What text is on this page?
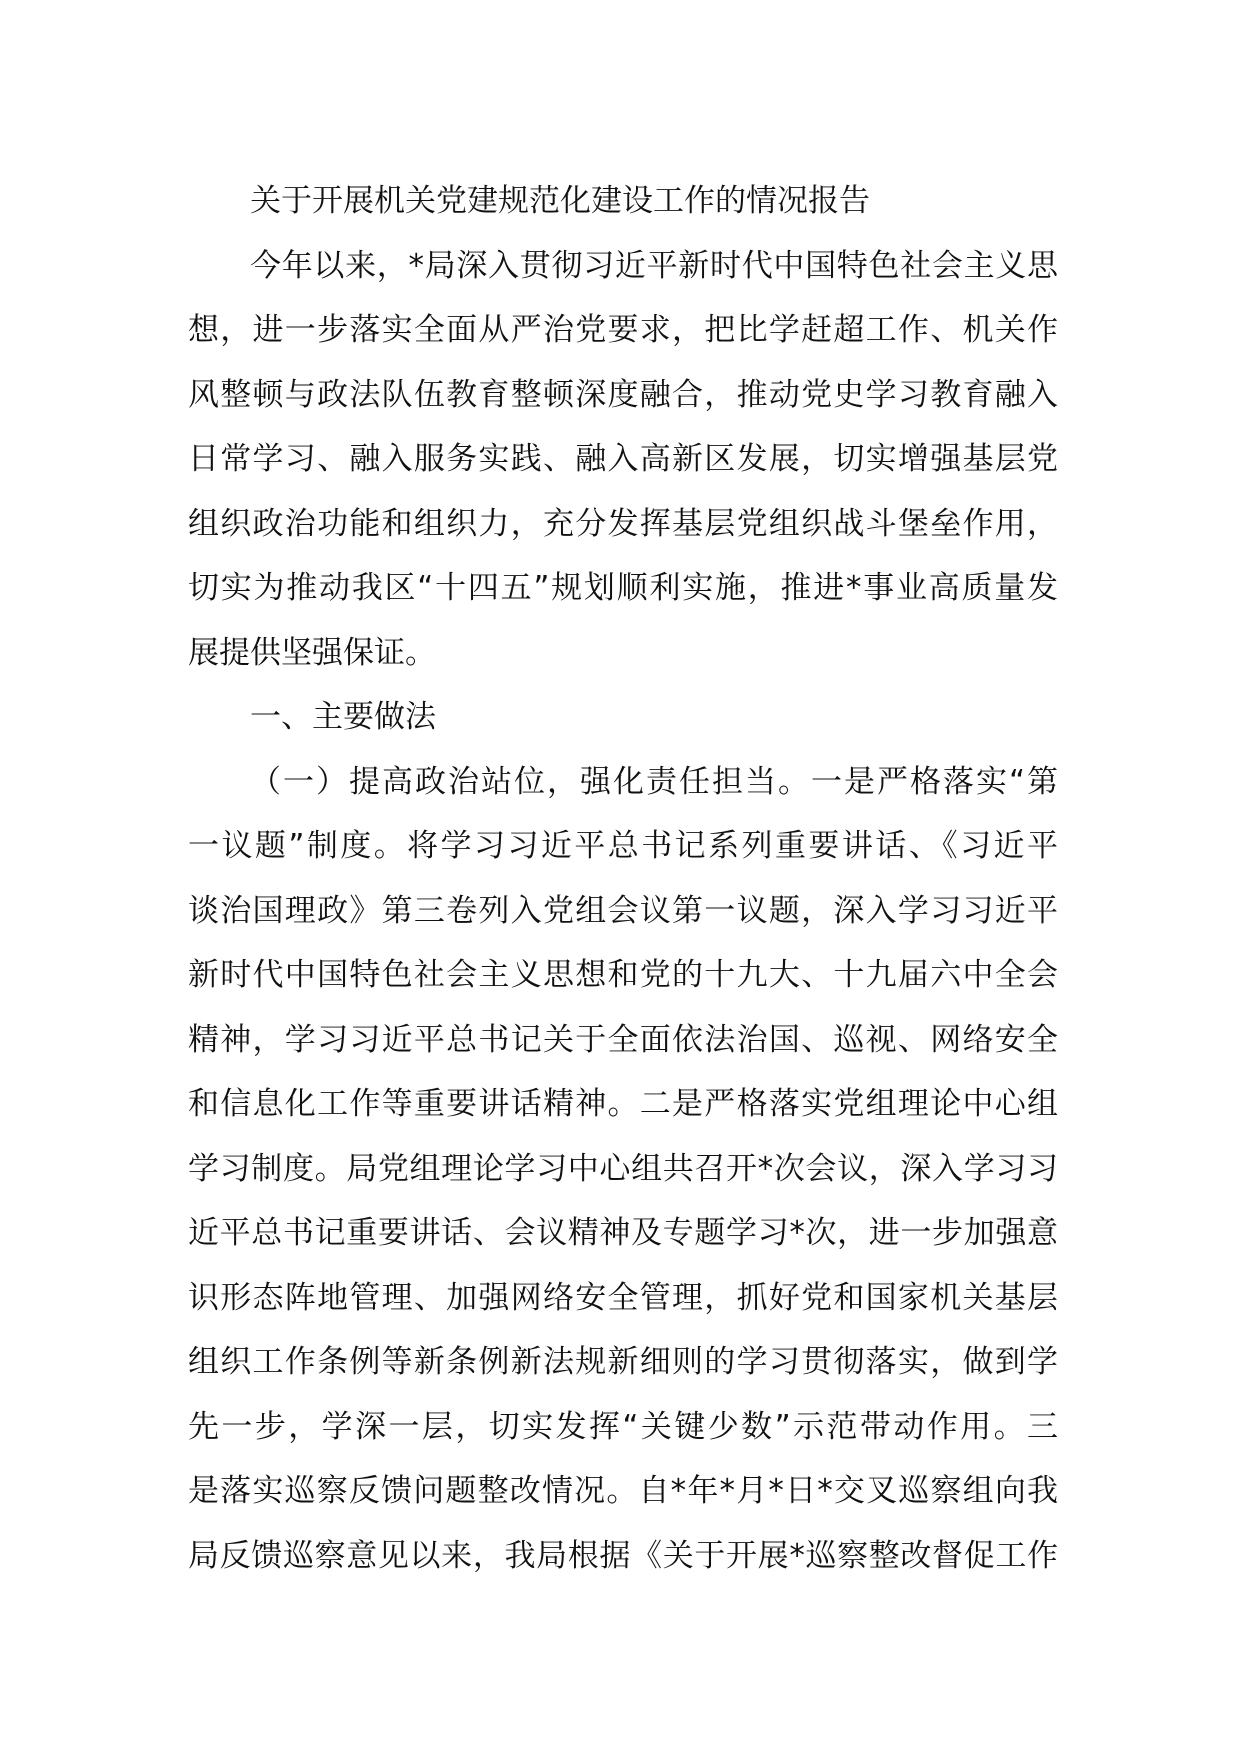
关于开展机关党建规范化建设工作的情况报告
今年以来，*局深入贯彻习近平新时代中国特色社会主义思
想，进一步落实全面从严治党要求，把比学赶超工作、机关作
风整顿与政法队伍教育整顿深度融合，推动党史学习教育融入
日常学习、融入服务实践、融入高新区发展，切实增强基层党
组织政治功能和组织力，充分发挥基层党组织战斗堡垒作用，
切实为推动我区“十四五”规划顺利实施，推进*事业高质量发
展提供坚强保证。
一、主要做法
（一）提高政治站位，强化责任担当。一是严格落实“第
一议题”制度。将学习习近平总书记系列重要讲话、《习近平
谈治国理政》第三卷列入党组会议第一议题，深入学习习近平
新时代中国特色社会主义思想和党的十九大、十九届六中全会
精神，学习习近平总书记关于全面依法治国、巡视、网络安全
和信息化工作等重要讲话精神。二是严格落实党组理论中心组
学习制度。局党组理论学习中心组共召开*次会议，深入学习习
近平总书记重要讲话、会议精神及专题学习*次，进一步加强意
识形态阵地管理、加强网络安全管理，抓好党和国家机关基层
组织工作条例等新条例新法规新细则的学习贯彻落实，做到学
先一步，学深一层，切实发挥“关键少数”示范带动作用。三
是落实巡察反馈问题整改情况。自*年*月*日*交叉巡察组向我
局反馈巡察意见以来，我局根据《关于开展*巡察整改督促工作
